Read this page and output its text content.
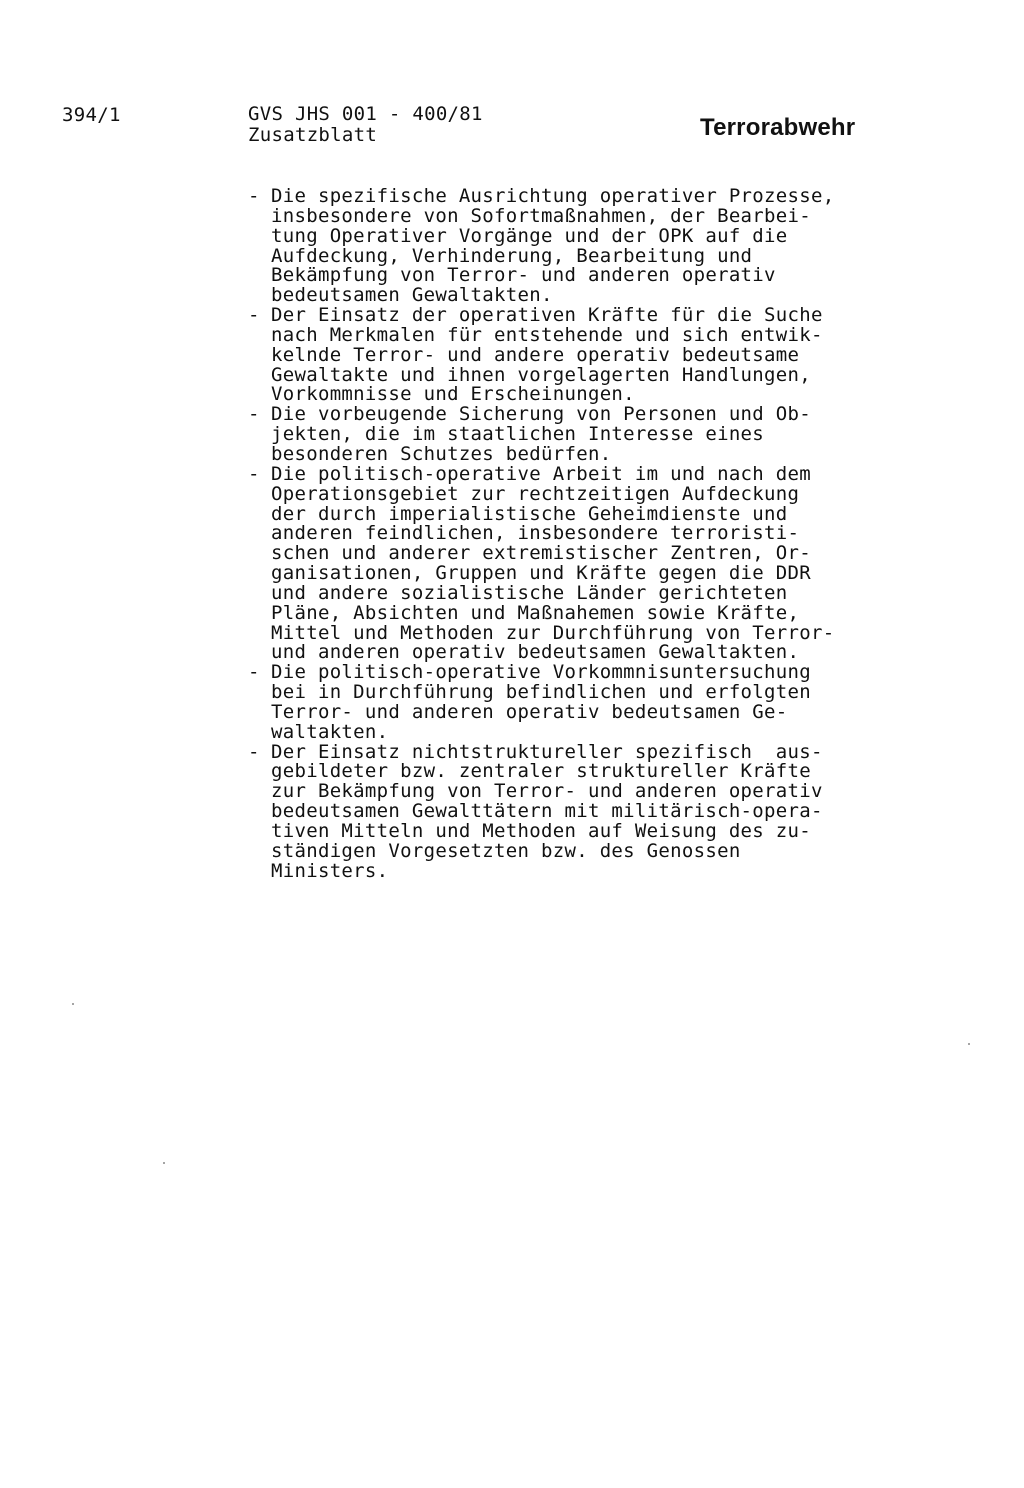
394/1	GVS JHS 001 - 400/81
Zusatzblatt	Terrorabwehr
- Die spezifische Ausrichtung operativer Prozesse,
insbesondere von Sofortmaßnahmen, der Bearbei-
tung Operativer Vorgänge und der OPK auf die
Aufdeckung, Verhinderung, Bearbeitung und
Bekämpfung von Terror- und anderen operativ
bedeutsamen Gewaltakten.
- Der Einsatz der operativen Kräfte für die Suche
nach Merkmalen für entstehende und sich entwik-
kelnde Terror- und andere operativ bedeutsame
Gewaltakte und ihnen vorgelagerten Handlungen,
Vorkommnisse und Erscheinungen.
- Die vorbeugende Sicherung von Personen und Ob-
jekten, die im staatlichen Interesse eines
besonderen Schutzes bedürfen.
- Die politisch-operative Arbeit im und nach dem
Operationsgebiet zur rechtzeitigen Aufdeckung
der durch imperialistische Geheimdienste und
anderen feindlichen, insbesondere terroristi-
schen und anderer extremistischer Zentren, Or-
ganisationen, Gruppen und Kräfte gegen die DDR
und andere sozialistische Länder gerichteten
Pläne, Absichten und Maßnahemen sowie Kräfte,
Mittel und Methoden zur Durchführung von Terror-
und anderen operativ bedeutsamen Gewaltakten.
- Die politisch-operative Vorkommnisuntersuchung
bei in Durchführung befindlichen und erfolgten
Terror- und anderen operativ bedeutsamen Ge-
waltakten.
- Der Einsatz nichtstruktureller spezifisch  aus-
gebildeter bzw. zentraler struktureller Kräfte
zur Bekämpfung von Terror- und anderen operativ
bedeutsamen Gewalttätern mit militärisch-opera-
tiven Mitteln und Methoden auf Weisung des zu-
ständigen Vorgesetzten bzw. des Genossen
Ministers.
